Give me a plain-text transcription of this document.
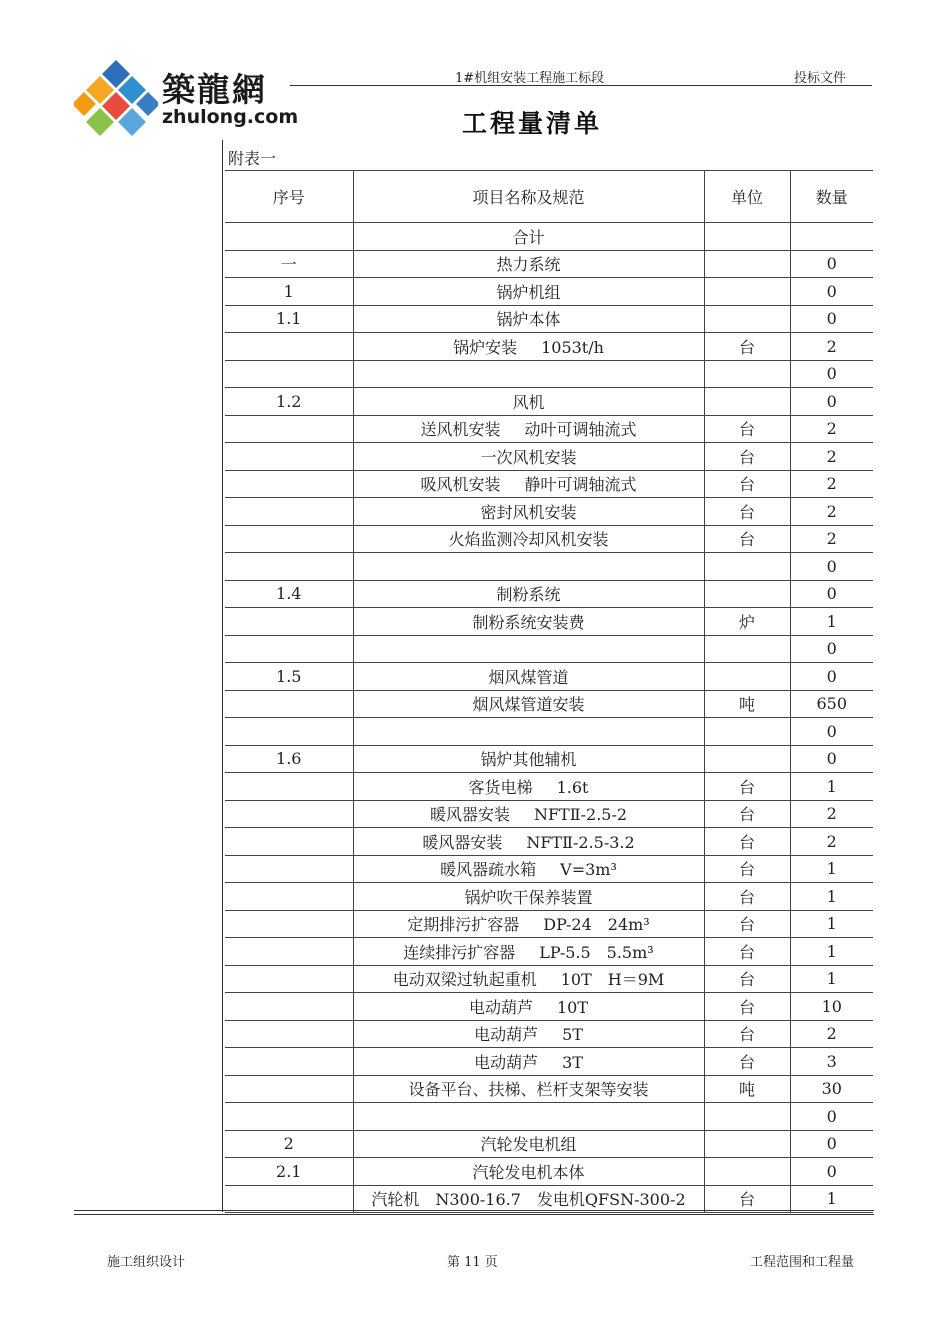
築龍網
zhulong.com
1#机组安装工程施工标段	投标文件
工程量清单
附表一
序号	项目名称及规范	单位	数量
	合计		
一	热力系统		0
1	锅炉机组		0
1.1	锅炉本体		0
	锅炉安装 1053t/h	台	2
			0
1.2	风机		0
	送风机安装 动叶可调轴流式	台	2
	一次风机安装	台	2
	吸风机安装 静叶可调轴流式	台	2
	密封风机安装	台	2
	火焰监测冷却风机安装	台	2
			0
1.4	制粉系统		0
	制粉系统安装费	炉	1
			0
1.5	烟风煤管道		0
	烟风煤管道安装	吨	650
			0
1.6	锅炉其他辅机		0
	客货电梯 1.6t	台	1
	暖风器安装 NFTⅡ-2.5-2	台	2
	暖风器安装 NFTⅡ-2.5-3.2	台	2
	暖风器疏水箱 V=3m³	台	1
	锅炉吹干保养装置	台	1
	定期排污扩容器 DP-24　24m³	台	1
	连续排污扩容器 LP-5.5　5.5m³	台	1
	电动双梁过轨起重机 10T　H＝9M	台	1
	电动葫芦 10T	台	10
	电动葫芦 5T	台	2
	电动葫芦 3T	台	3
	设备平台、扶梯、栏杆支架等安装	吨	30
			0
2	汽轮发电机组		0
2.1	汽轮发电机本体		0
	汽轮机　N300-16.7　发电机QFSN-300-2	台	1
施工组织设计	第 11 页	工程范围和工程量
